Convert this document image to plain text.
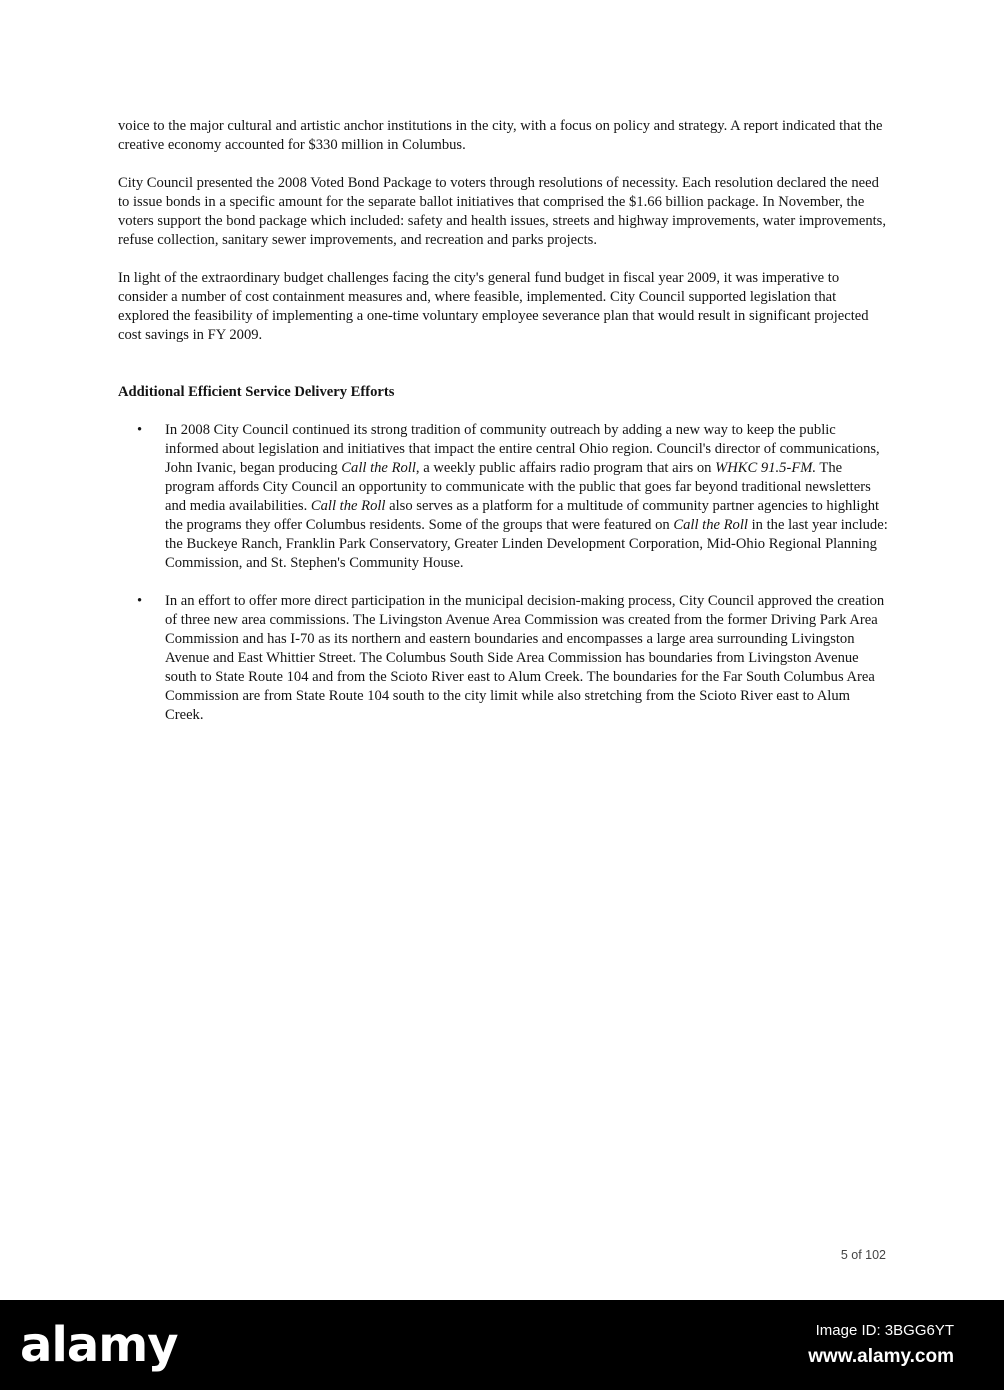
voice to the major cultural and artistic anchor institutions in the city, with a focus on policy and strategy. A report indicated that the creative economy accounted for $330 million in Columbus.

City Council presented the 2008 Voted Bond Package to voters through resolutions of necessity. Each resolution declared the need to issue bonds in a specific amount for the separate ballot initiatives that comprised the $1.66 billion package. In November, the voters support the bond package which included: safety and health issues, streets and highway improvements, water improvements, refuse collection, sanitary sewer improvements, and recreation and parks projects.

In light of the extraordinary budget challenges facing the city's general fund budget in fiscal year 2009, it was imperative to consider a number of cost containment measures and, where feasible, implemented. City Council supported legislation that explored the feasibility of implementing a one-time voluntary employee severance plan that would result in significant projected cost savings in FY 2009.

Additional Efficient Service Delivery Efforts
• In 2008 City Council continued its strong tradition of community outreach by adding a new way to keep the public informed about legislation and initiatives that impact the entire central Ohio region. Council's director of communications, John Ivanic, began producing Call the Roll, a weekly public affairs radio program that airs on WHKC 91.5-FM. The program affords City Council an opportunity to communicate with the public that goes far beyond traditional newsletters and media availabilities. Call the Roll also serves as a platform for a multitude of community partner agencies to highlight the programs they offer Columbus residents. Some of the groups that were featured on Call the Roll in the last year include: the Buckeye Ranch, Franklin Park Conservatory, Greater Linden Development Corporation, Mid-Ohio Regional Planning Commission, and St. Stephen's Community House.
• In an effort to offer more direct participation in the municipal decision-making process, City Council approved the creation of three new area commissions. The Livingston Avenue Area Commission was created from the former Driving Park Area Commission and has I-70 as its northern and eastern boundaries and encompasses a large area surrounding Livingston Avenue and East Whittier Street. The Columbus South Side Area Commission has boundaries from Livingston Avenue south to State Route 104 and from the Scioto River east to Alum Creek. The boundaries for the Far South Columbus Area Commission are from State Route 104 south to the city limit while also stretching from the Scioto River east to Alum Creek.
5 of 102
alamy	Image ID: 3BGG6YT
www.alamy.com
